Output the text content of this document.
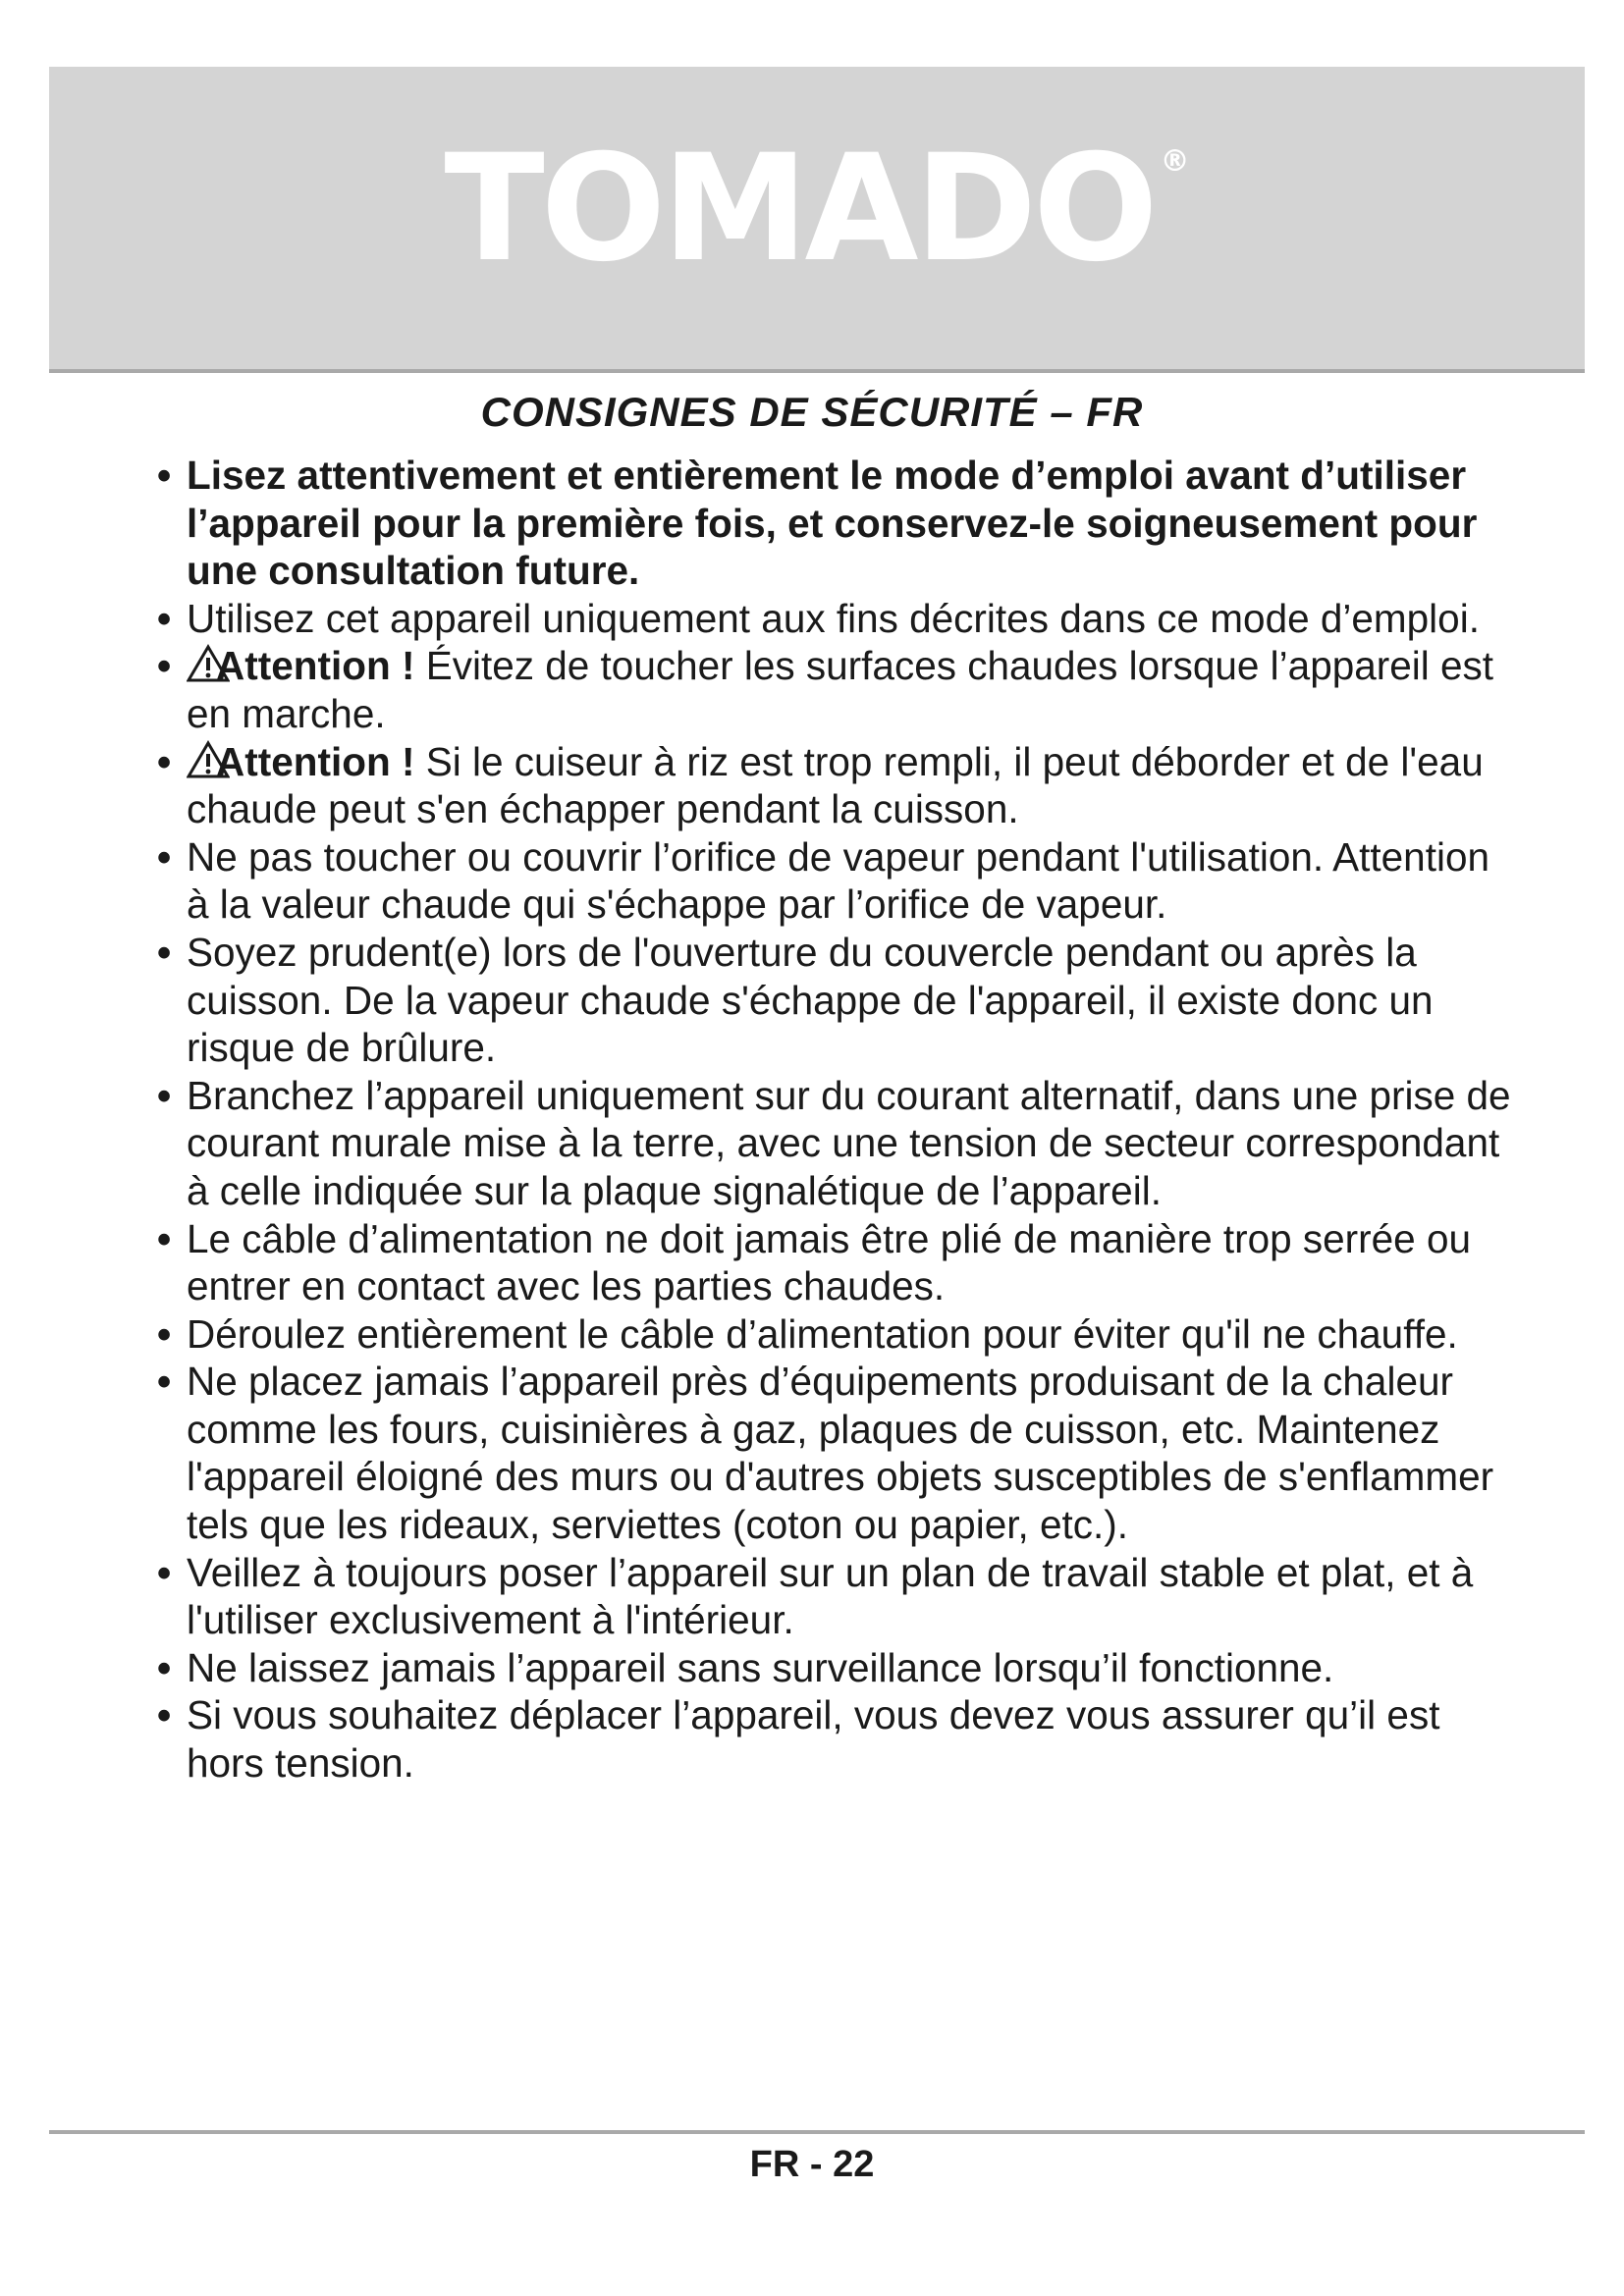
TOMADO ®
CONSIGNES DE SÉCURITÉ – FR
• Lisez attentivement et entièrement le mode d’emploi avant d’utiliser l’appareil pour la première fois, et conservez-le soigneusement pour une consultation future.
• Utilisez cet appareil uniquement aux fins décrites dans ce mode d’emploi.
• Attention ! Évitez de toucher les surfaces chaudes lorsque l’appareil est en marche.
• Attention ! Si le cuiseur à riz est trop rempli, il peut déborder et de l'eau chaude peut s'en échapper pendant la cuisson.
• Ne pas toucher ou couvrir l’orifice de vapeur pendant l'utilisation. Attention à la valeur chaude qui s'échappe par l’orifice de vapeur.
• Soyez prudent(e) lors de l'ouverture du couvercle pendant ou après la cuisson. De la vapeur chaude s'échappe de l'appareil, il existe donc un risque de brûlure.
• Branchez l’appareil uniquement sur du courant alternatif, dans une prise de courant murale mise à la terre, avec une tension de secteur correspondant à celle indiquée sur la plaque signalétique de l’appareil.
• Le câble d’alimentation ne doit jamais être plié de manière trop serrée ou entrer en contact avec les parties chaudes.
• Déroulez entièrement le câble d’alimentation pour éviter qu'il ne chauffe.
• Ne placez jamais l’appareil près d’équipements produisant de la chaleur comme les fours, cuisinières à gaz, plaques de cuisson, etc. Maintenez l'appareil éloigné des murs ou d'autres objets susceptibles de s'enflammer tels que les rideaux, serviettes (coton ou papier, etc.).
• Veillez à toujours poser l’appareil sur un plan de travail stable et plat, et à l'utiliser exclusivement à l'intérieur.
• Ne laissez jamais l’appareil sans surveillance lorsqu’il fonctionne.
• Si vous souhaitez déplacer l’appareil, vous devez vous assurer qu’il est hors tension.
FR - 22
